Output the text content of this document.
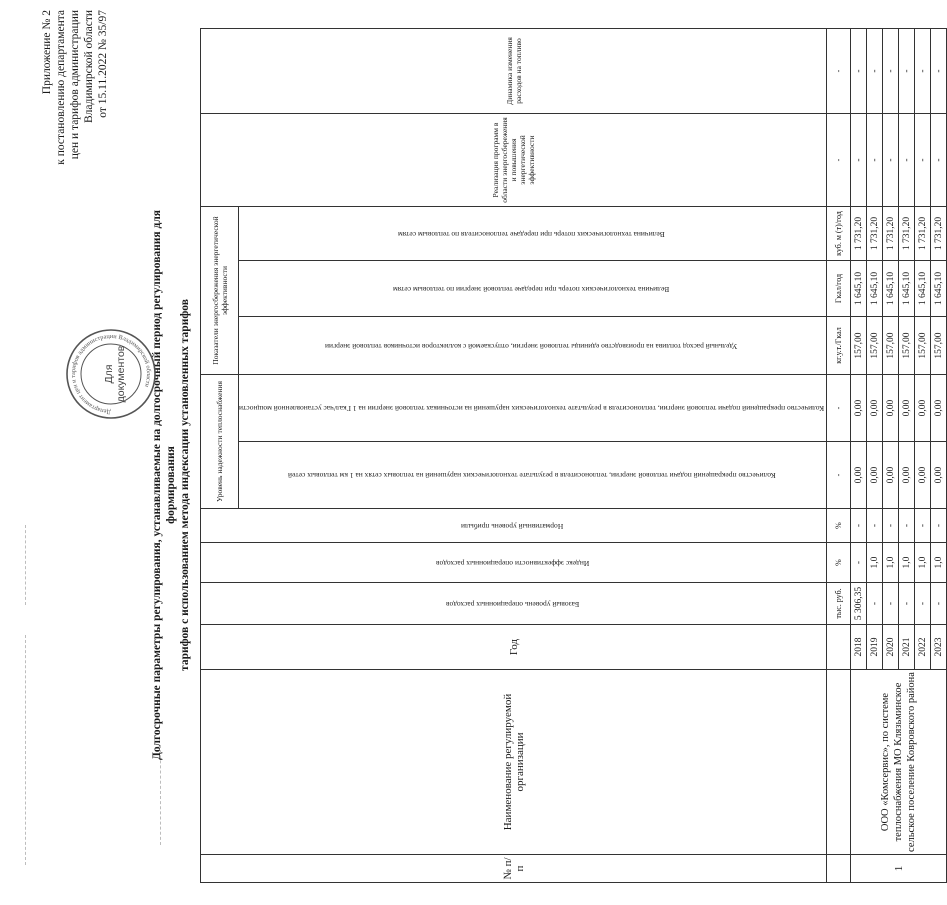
Приложение № 2 к постановлению департамента цен и тарифов администрации Владимирской области от 15.11.2022 № 35/97
Долгосрочные параметры регулирования, устанавливаемые на долгосрочный период регулирования для формирования тарифов с использованием метода индексации установленных тарифов
№ п/п	Наименование регулируемой организации	Год	Базовый уровень операционных расходов	Индекс эффективности операционных расходов	Нормативный уровень прибыли	Уровень надежности теплоснабжения		Показатели энергосбережения энергетической эффективности			Реализация программ в области энергосбережения и повышения энергетической эффективности	Динамика изменения расходов на топливо
						Количество прекращений подачи тепловой энергии, теплоносителя в результате технологических нарушений на тепловых сетях на 1 км тепловых сетей	Количество прекращений подачи тепловой энергии, теплоносителя в результате технологических нарушений на источниках тепловой энергии на 1 Гкал/час установленной мощности	Удельный расход топлива на производство единицы тепловой энергии, отпускаемой с коллекторов источников тепловой энергии	Величина технологических потерь при передаче тепловой энергии по тепловым сетям	Величина технологических потерь при передаче теплоносителя по тепловым сетям		
			тыс. руб.	%	%	-	-	кг.у.т./Гкал	Гкал/год	куб. м (т)/год	-	-
1	ООО «Комсервис», по системе теплоснабжения МО Клязьминское сельское поселение Ковровского района	2018	5 306,35	-	-	0,00	0,00	157,00	1 645,10	1 731,20	-	-
		2019	-	1,0	-	0,00	0,00	157,00	1 645,10	1 731,20	-	-
		2020	-	1,0	-	0,00	0,00	157,00	1 645,10	1 731,20	-	-
		2021	-	1,0	-	0,00	0,00	157,00	1 645,10	1 731,20	-	-
		2022	-	1,0	-	0,00	0,00	157,00	1 645,10	1 731,20	-	-
		2023	-	1,0	-	0,00	0,00	157,00	1 645,10	1 731,20	-	-
Департамент цен и тарифов администрации Владимирской области
Для документов
